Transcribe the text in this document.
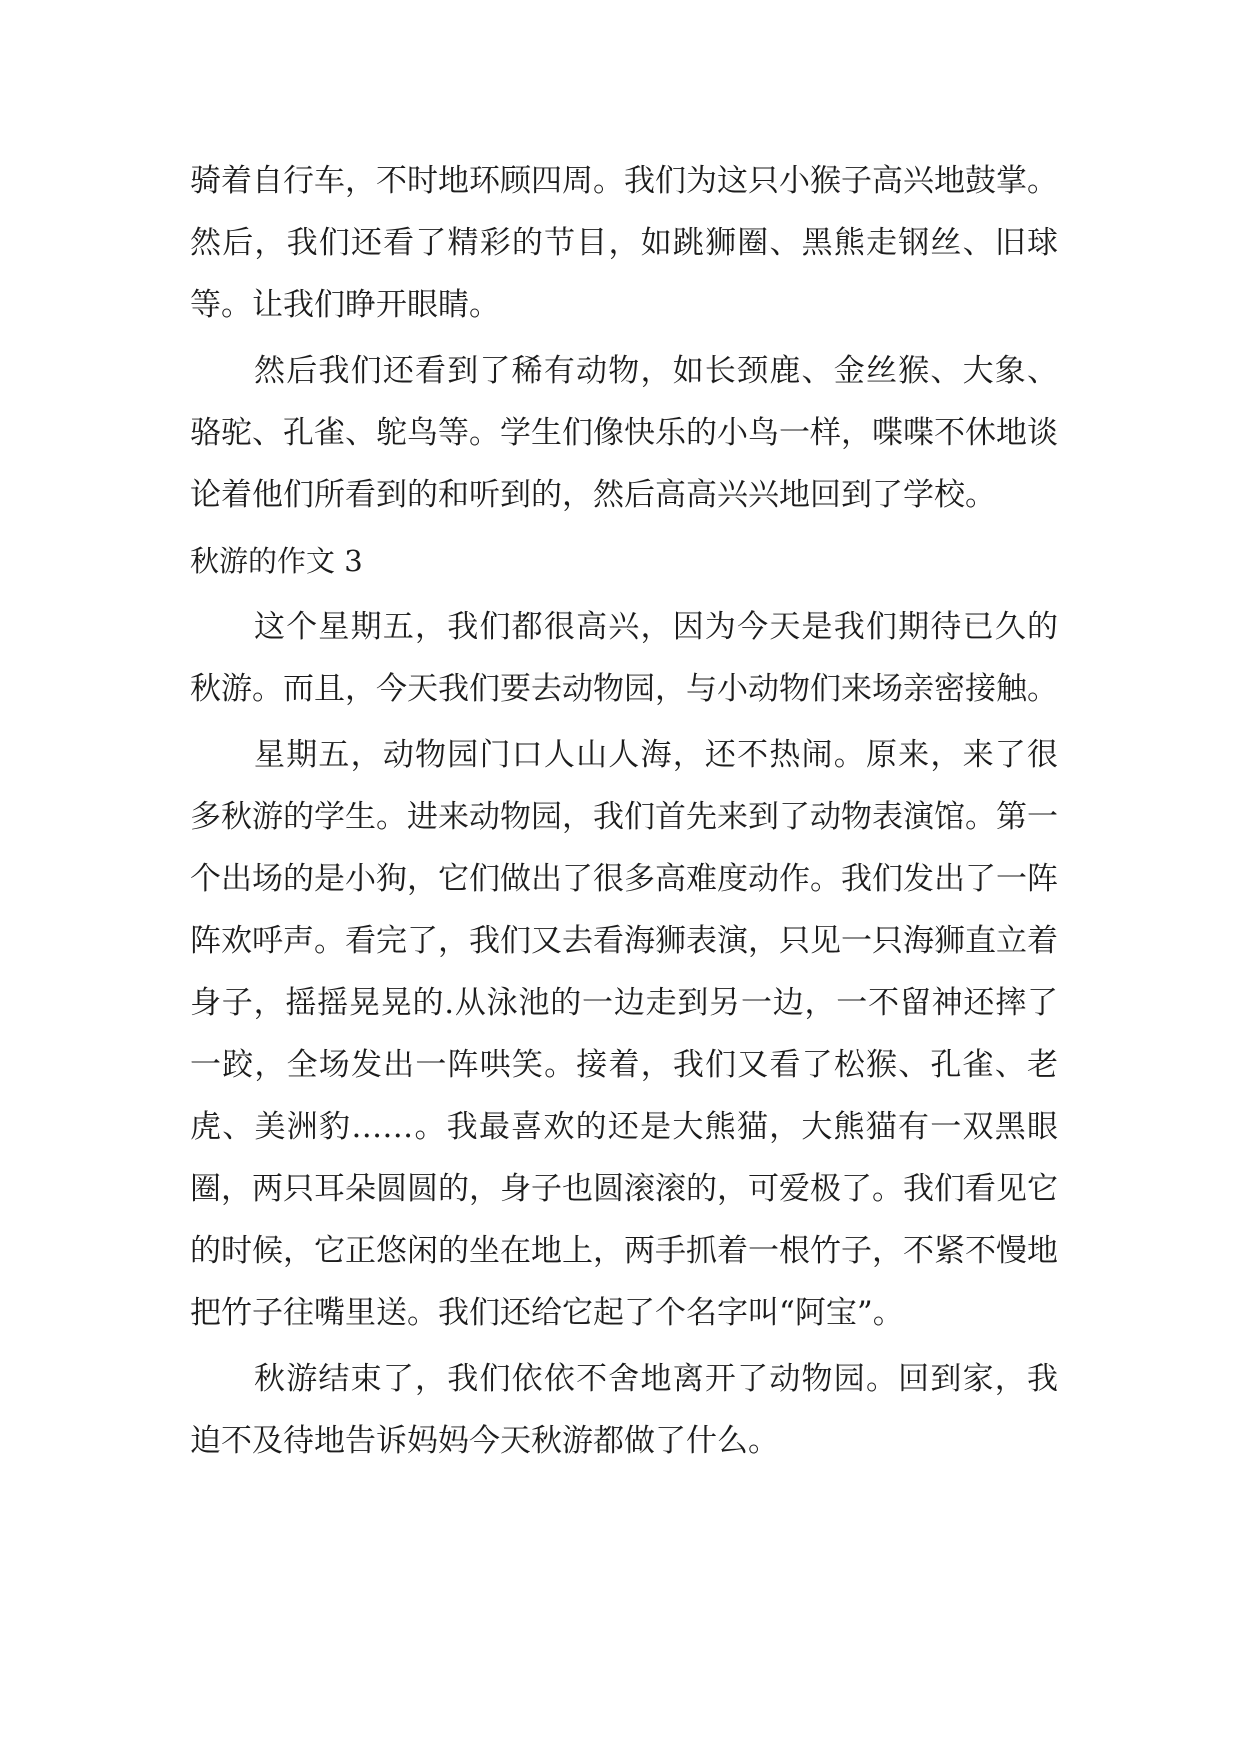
骑着自行车，不时地环顾四周。我们为这只小猴子高兴地鼓掌。然后，我们还看了精彩的节目，如跳狮圈、黑熊走钢丝、旧球等。让我们睁开眼睛。

然后我们还看到了稀有动物，如长颈鹿、金丝猴、大象、骆驼、孔雀、鸵鸟等。学生们像快乐的小鸟一样，喋喋不休地谈论着他们所看到的和听到的，然后高高兴兴地回到了学校。

秋游的作文 3

这个星期五，我们都很高兴，因为今天是我们期待已久的秋游。而且，今天我们要去动物园，与小动物们来场亲密接触。

星期五，动物园门口人山人海，还不热闹。原来，来了很多秋游的学生。进来动物园，我们首先来到了动物表演馆。第一个出场的是小狗，它们做出了很多高难度动作。我们发出了一阵阵欢呼声。看完了，我们又去看海狮表演，只见一只海狮直立着身子，摇摇晃晃的.从泳池的一边走到另一边，一不留神还摔了一跤，全场发出一阵哄笑。接着，我们又看了松猴、孔雀、老虎、美洲豹……。我最喜欢的还是大熊猫，大熊猫有一双黑眼圈，两只耳朵圆圆的，身子也圆滚滚的，可爱极了。我们看见它的时候，它正悠闲的坐在地上，两手抓着一根竹子，不紧不慢地把竹子往嘴里送。我们还给它起了个名字叫“阿宝”。

秋游结束了，我们依依不舍地离开了动物园。回到家，我迫不及待地告诉妈妈今天秋游都做了什么。
